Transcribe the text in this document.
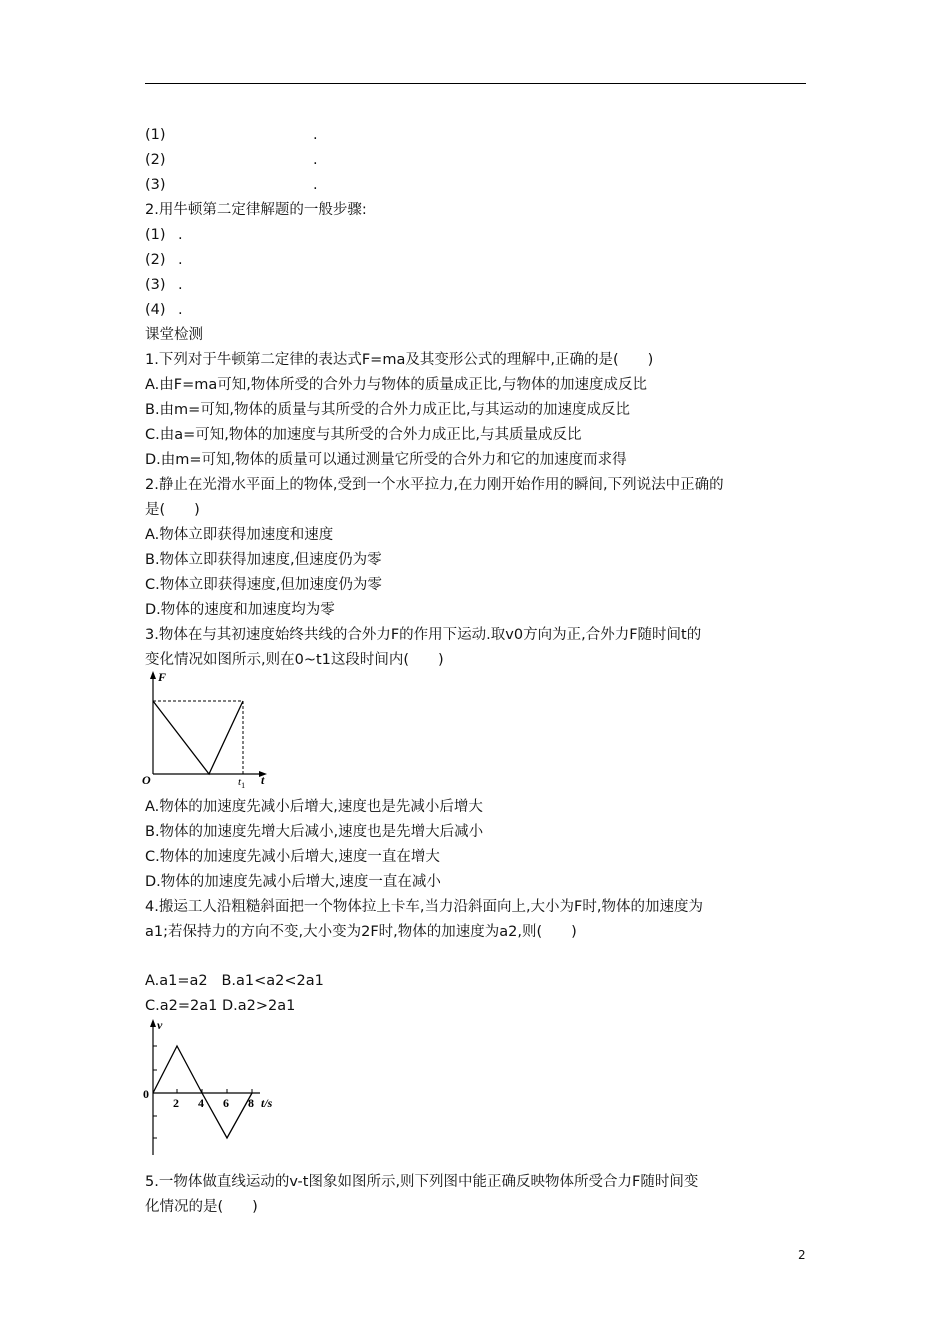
(1)	.
(2)	.
(3)	.
2.用牛顿第二定律解题的一般步骤:
(1) .
(2) .
(3) .
(4) .
课堂检测
1.下列对于牛顿第二定律的表达式F=ma及其变形公式的理解中,正确的是(　　)
A.由F=ma可知,物体所受的合外力与物体的质量成正比,与物体的加速度成反比
B.由m=可知,物体的质量与其所受的合外力成正比,与其运动的加速度成反比
C.由a=可知,物体的加速度与其所受的合外力成正比,与其质量成反比
D.由m=可知,物体的质量可以通过测量它所受的合外力和它的加速度而求得
2.静止在光滑水平面上的物体,受到一个水平拉力,在力刚开始作用的瞬间,下列说法中正确的
是(　　)
A.物体立即获得加速度和速度
B.物体立即获得加速度,但速度仍为零
C.物体立即获得速度,但加速度仍为零
D.物体的速度和加速度均为零
3.物体在与其初速度始终共线的合外力F的作用下运动.取v0方向为正,合外力F随时间t的
变化情况如图所示,则在0~t1这段时间内(　　)
F
O	t
$t_1$
A.物体的加速度先减小后增大,速度也是先减小后增大
B.物体的加速度先增大后减小,速度也是先增大后减小
C.物体的加速度先减小后增大,速度一直在增大
D.物体的加速度先减小后增大,速度一直在减小
4.搬运工人沿粗糙斜面把一个物体拉上卡车,当力沿斜面向上,大小为F时,物体的加速度为
a1;若保持力的方向不变,大小变为2F时,物体的加速度为a2,则(　　)
A.a1=a2   B.a1<a2<2a1
C.a2=2a1 D.a2>2a1
v
0
2 4 6 8 t/s
5.一物体做直线运动的v-t图象如图所示,则下列图中能正确反映物体所受合力F随时间变
化情况的是(　　)
2
